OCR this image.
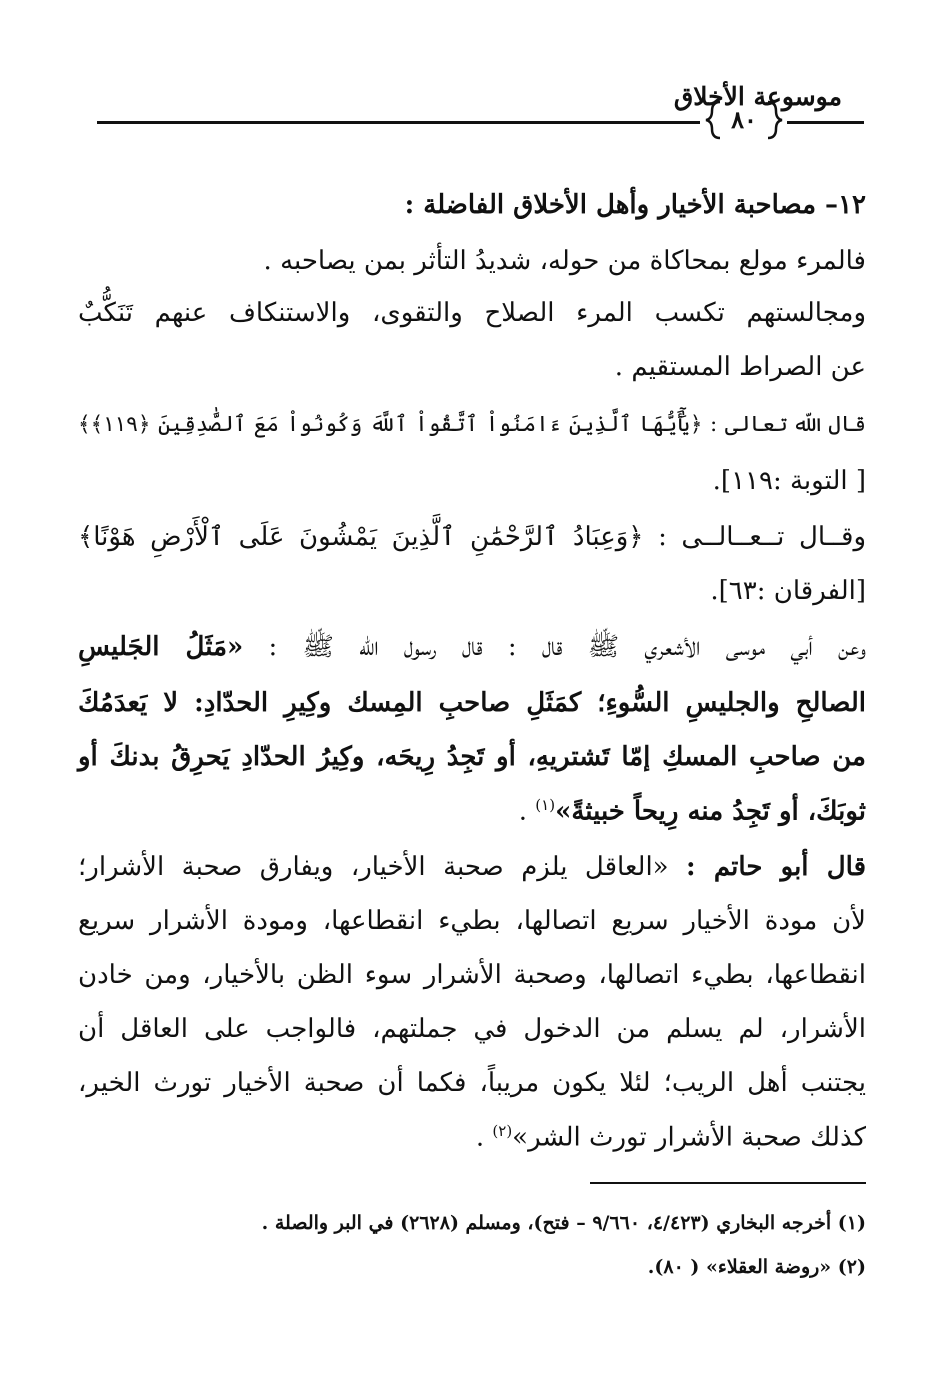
موسوعة الأخلاق
٨٠
١٢– مصاحبة الأخيار وأهل الأخلاق الفاضلة :
فالمرء مولع بمحاكاة من حوله، شديدُ التأثر بمن يصاحبه .
ومجالستهم تكسب المرء الصلاح والتقوى، والاستنكاف عنهم تَنَكُّبٌ
عن الصراط المستقيم .
قال اللّه تعالى : ﴿يَٰٓأَيُّهَا ٱلَّذِينَ ءَامَنُواْ ٱتَّقُواْ ٱللَّهَ وَكُونُواْ مَعَ ٱلصَّٰدِقِينَ ﴿١١٩﴾﴾
[ التوبة :١١٩].
وقــال تــعــالــى : ﴿وَعِبَادُ ٱلرَّحْمَٰنِ ٱلَّذِينَ يَمْشُونَ عَلَى ٱلْأَرْضِ هَوْنًا﴾
[الفرقان :٦٣].
وعن أبي موسى الأشعري ﷺ قال : قال رسول اللّه ﷺ : «مَثَلُ الجَليسِ
الصالحِ والجليسِ السُّوءِ؛ كمَثَلِ صاحبِ المِسك وكِيرِ الحدّادِ: لا يَعدَمُكَ
من صاحبِ المسكِ إمّا تَشتريهِ، أو تَجِدُ رِيحَه، وكِيرُ الحدّادِ يَحرِقُ بدنكَ أو
ثوبَكَ، أو تَجِدُ منه رِيحاً خبيثةً»$^{(١)}$ .
قال أبو حاتم : «العاقل يلزم صحبة الأخيار، ويفارق صحبة الأشرار؛
لأن مودة الأخيار سريع اتصالها، بطيء انقطاعها، ومودة الأشرار سريع
انقطاعها، بطيء اتصالها، وصحبة الأشرار سوء الظن بالأخيار، ومن خادن
الأشرار، لم يسلم من الدخول في جملتهم، فالواجب على العاقل أن
يجتنب أهل الريب؛ لئلا يكون مريباً، فكما أن صحبة الأخيار تورث الخير،
كذلك صحبة الأشرار تورث الشر»$^{(٢)}$ .
(١) أخرجه البخاري (٤/٤٢٣، ٩/٦٦٠ – فتح)، ومسلم (٢٦٢٨) في البر والصلة .
(٢) «روضة العقلاء» ( ٨٠).
